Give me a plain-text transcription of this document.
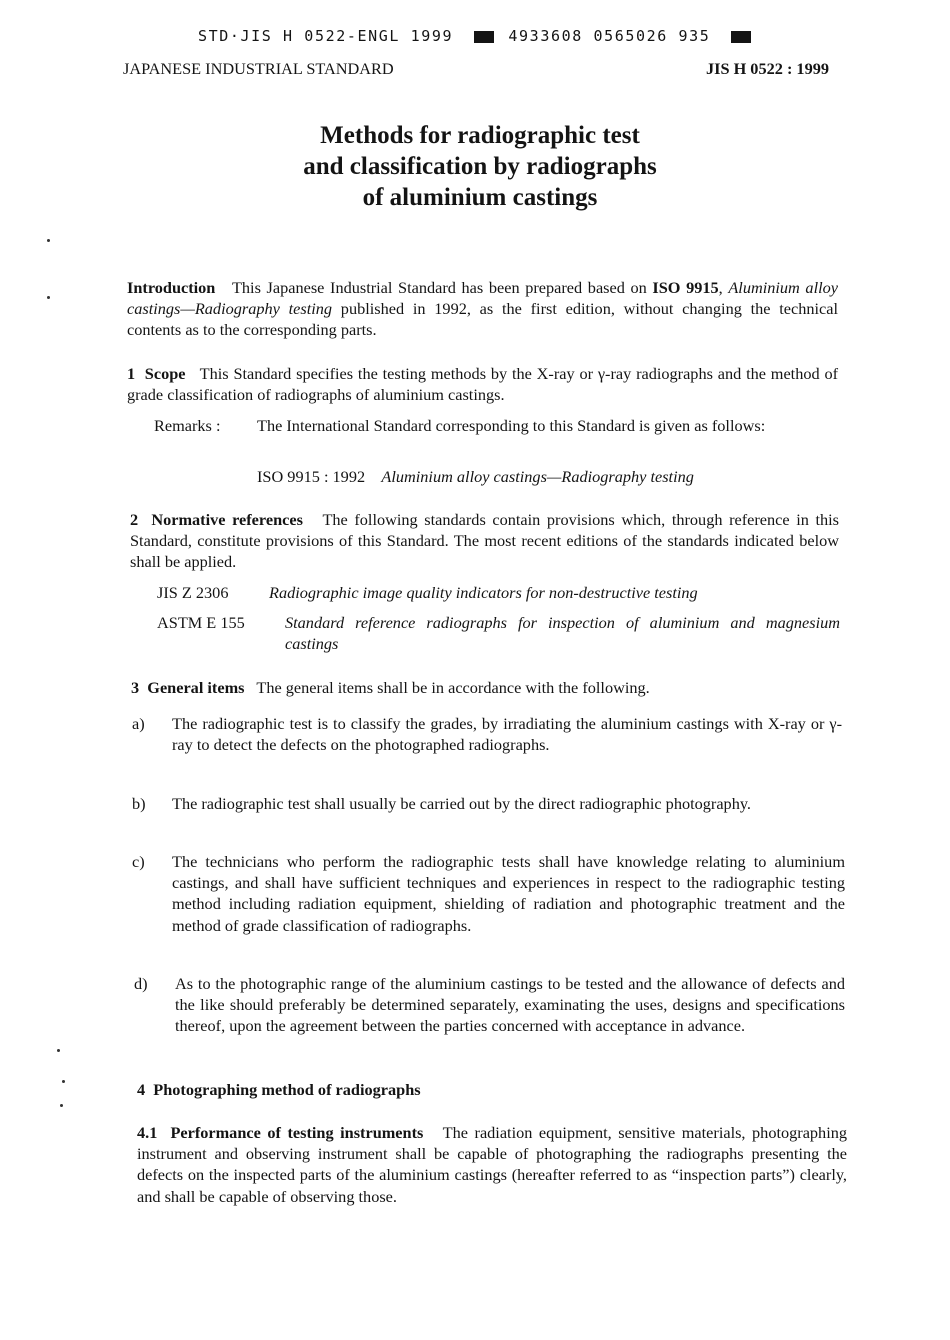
STD·JIS H 0522-ENGL 1999	4933608 0565026 935
JAPANESE INDUSTRIAL STANDARD	JIS H 0522 : 1999
Methods for radiographic test
and classification by radiographs
of aluminium castings
Introduction This Japanese Industrial Standard has been prepared based on ISO 9915, Aluminium alloy castings—Radiography testing published in 1992, as the first edition, without changing the technical contents as to the corresponding parts.
1 Scope This Standard specifies the testing methods by the X-ray or γ-ray radiographs and the method of grade classification of radiographs of aluminium castings.
Remarks : The International Standard corresponding to this Standard is given as follows:
ISO 9915 : 1992 Aluminium alloy castings—Radiography testing
2 Normative references The following standards contain provisions which, through reference in this Standard, constitute provisions of this Standard. The most recent editions of the standards indicated below shall be applied.
JIS Z 2306 Radiographic image quality indicators for non-destructive testing
ASTM E 155 Standard reference radiographs for inspection of aluminium and magnesium castings
3 General items The general items shall be in accordance with the following.
a) The radiographic test is to classify the grades, by irradiating the aluminium castings with X-ray or γ-ray to detect the defects on the photographed radiographs.
b) The radiographic test shall usually be carried out by the direct radiographic photography.
c) The technicians who perform the radiographic tests shall have knowledge relating to aluminium castings, and shall have sufficient techniques and experiences in respect to the radiographic testing method including radiation equipment, shielding of radiation and photographic treatment and the method of grade classification of radiographs.
d) As to the photographic range of the aluminium castings to be tested and the allowance of defects and the like should preferably be determined separately, examinating the uses, designs and specifications thereof, upon the agreement between the parties concerned with acceptance in advance.
4 Photographing method of radiographs
4.1 Performance of testing instruments The radiation equipment, sensitive materials, photographing instrument and observing instrument shall be capable of photographing the radiographs presenting the defects on the inspected parts of the aluminium castings (hereafter referred to as “inspection parts”) clearly, and shall be capable of observing those.
